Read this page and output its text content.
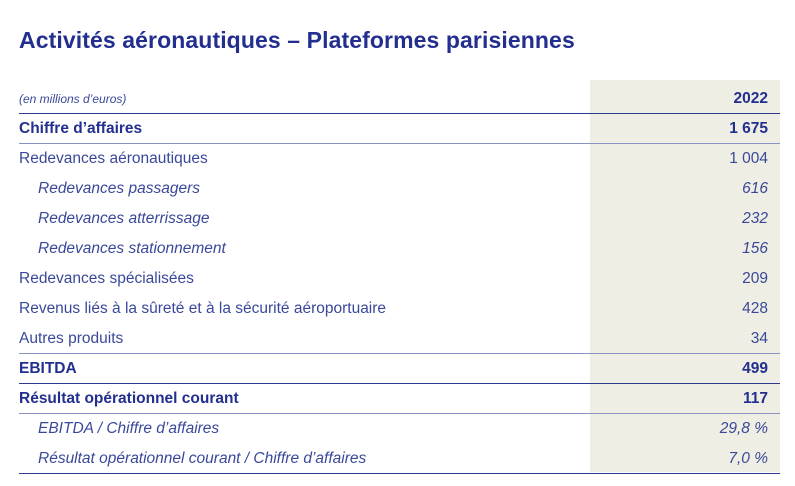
Activités aéronautiques – Plateformes parisiennes
(en millions d’euros)	2022
Chiffre d’affaires	1 675
Redevances aéronautiques	1 004
Redevances passagers	616
Redevances atterrissage	232
Redevances stationnement	156
Redevances spécialisées	209
Revenus liés à la sûreté et à la sécurité aéroportuaire	428
Autres produits	34
EBITDA	499
Résultat opérationnel courant	117
EBITDA / Chiffre d’affaires	29,8 %
Résultat opérationnel courant / Chiffre d’affaires	7,0 %
